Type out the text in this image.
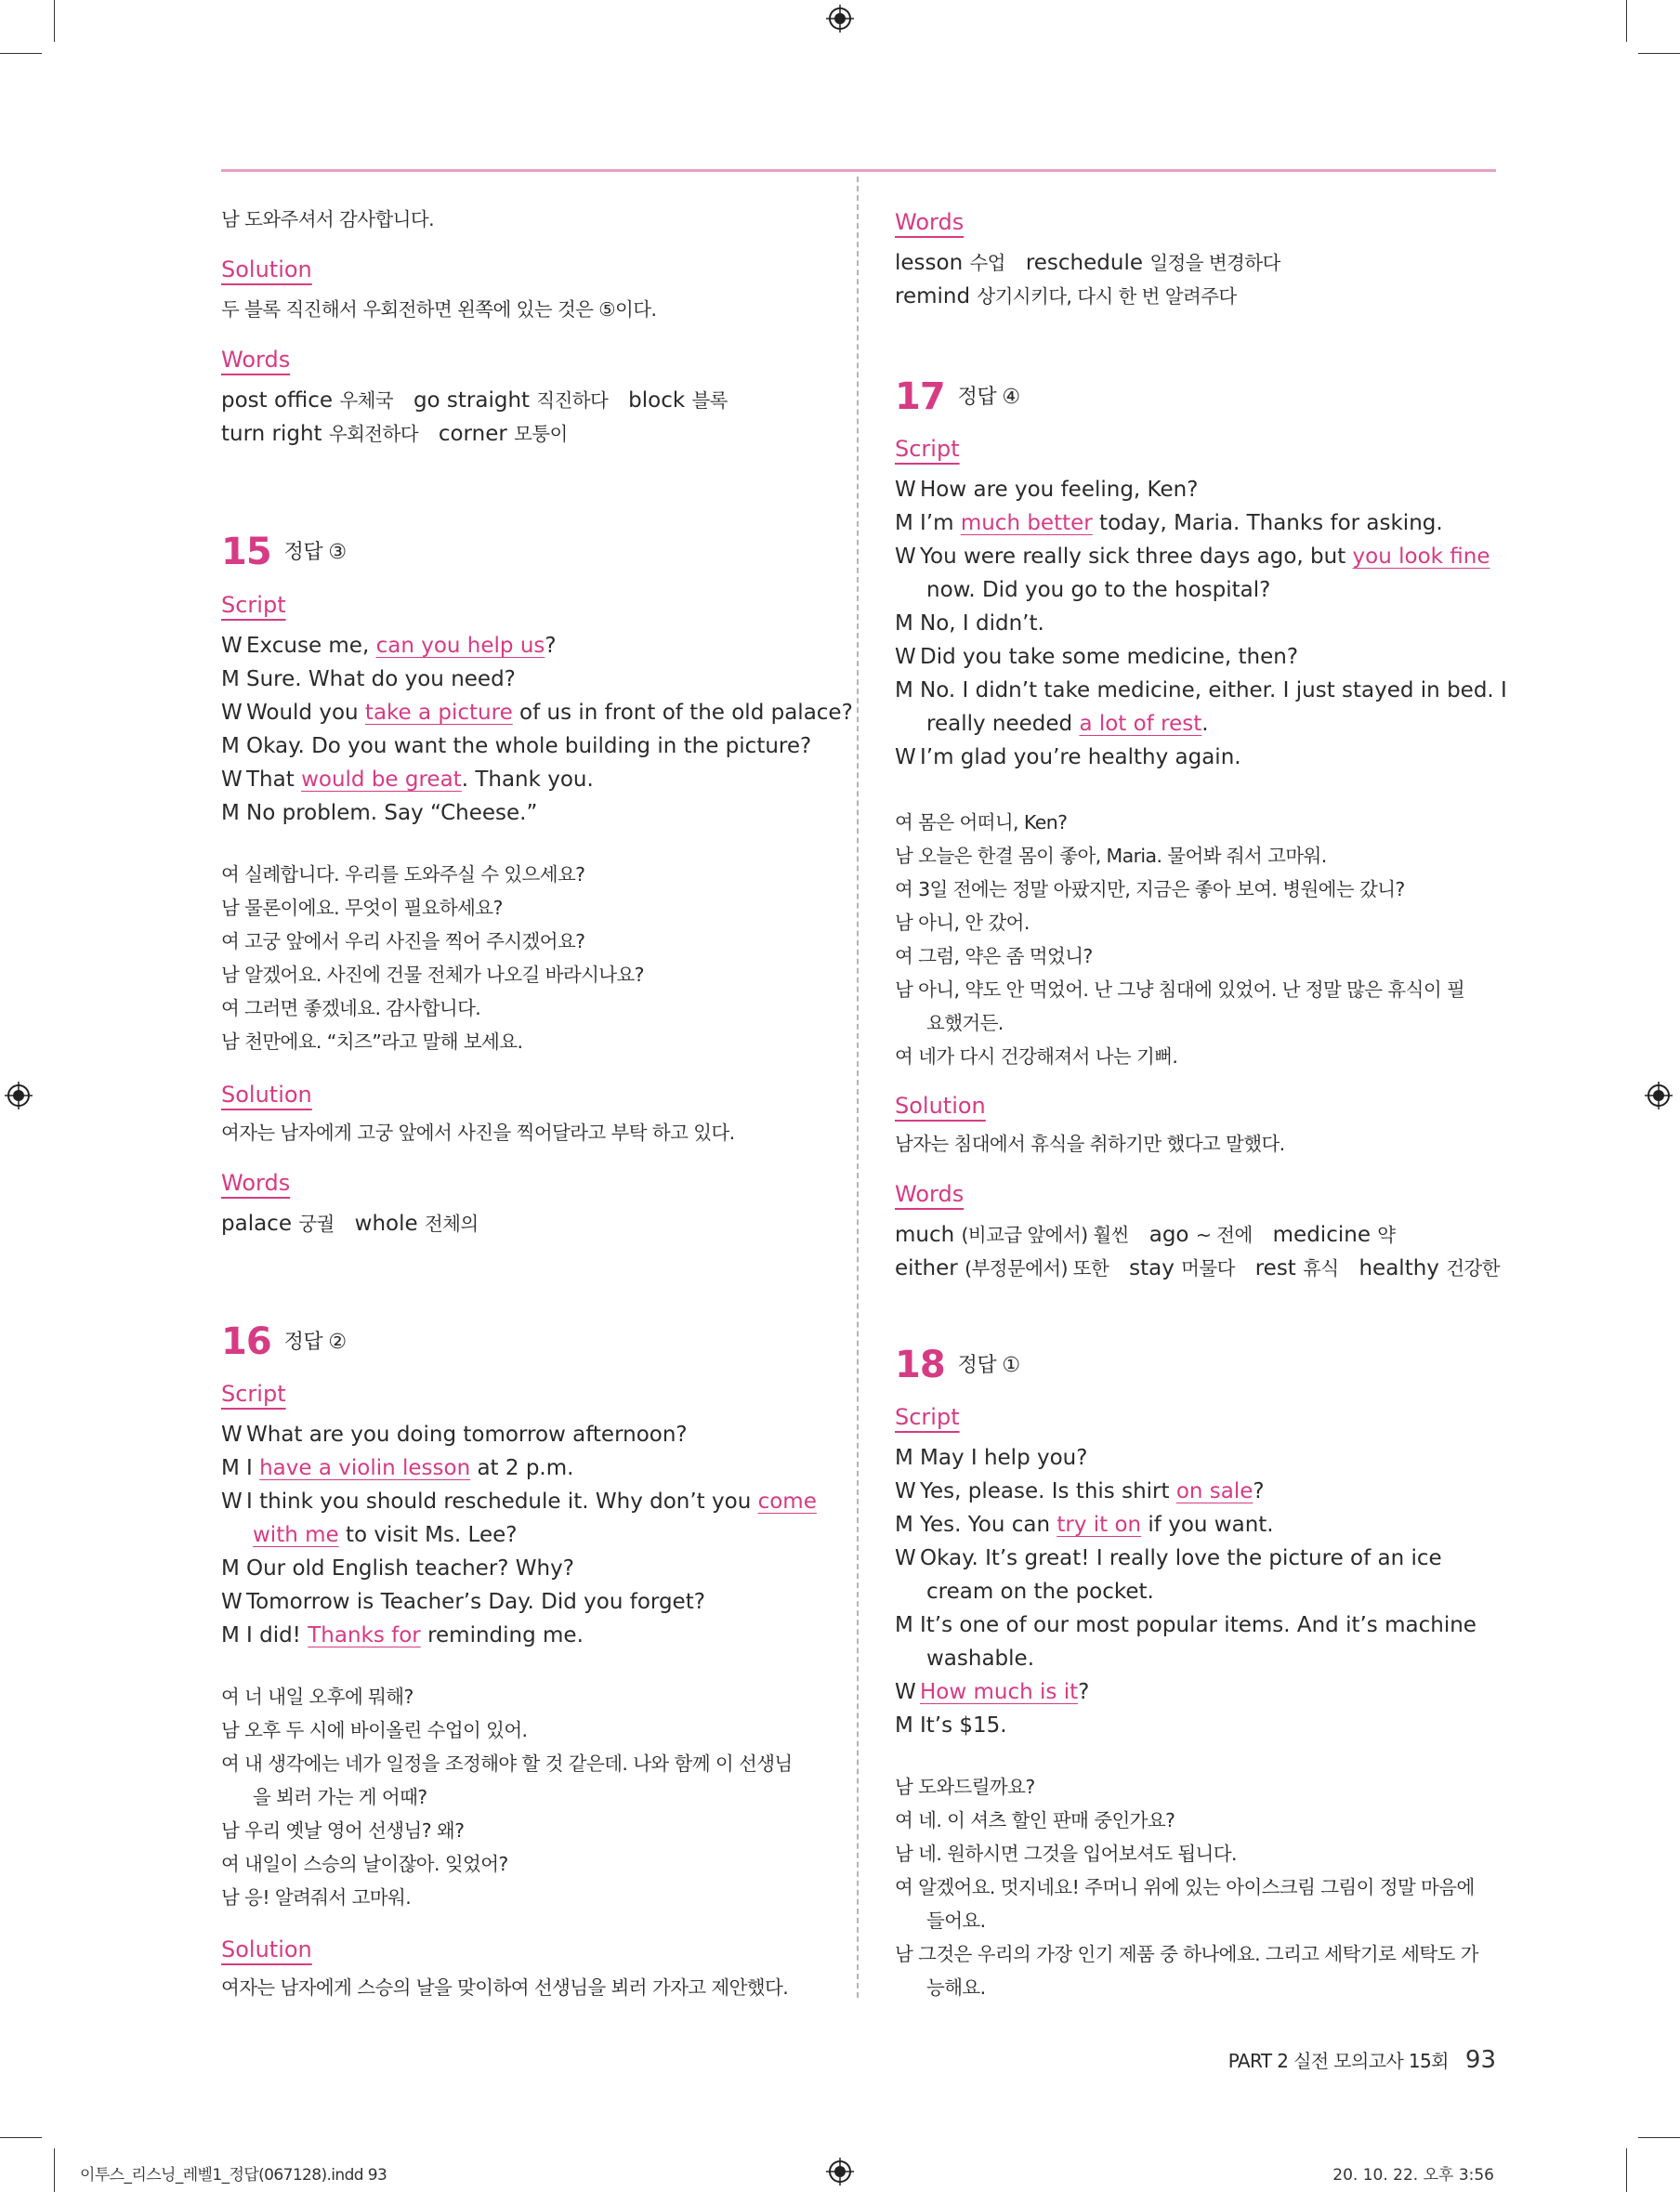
남 도와주셔서 감사합니다.
Solution
두 블록 직진해서 우회전하면 왼쪽에 있는 것은 ⑤이다.
Words
post office 우체국 go straight 직진하다 block 블록
turn right 우회전하다 corner 모퉁이
15 정답 ③
Script
W Excuse me, can you help us?
M Sure. What do you need?
W Would you take a picture of us in front of the old palace?
M Okay. Do you want the whole building in the picture?
W That would be great. Thank you.
M No problem. Say “Cheese.”
여 실례합니다. 우리를 도와주실 수 있으세요?
남 물론이에요. 무엇이 필요하세요?
여 고궁 앞에서 우리 사진을 찍어 주시겠어요?
남 알겠어요. 사진에 건물 전체가 나오길 바라시나요?
여 그러면 좋겠네요. 감사합니다.
남 천만에요. “치즈”라고 말해 보세요.
Solution
여자는 남자에게 고궁 앞에서 사진을 찍어달라고 부탁 하고 있다.
Words
palace 궁궐 whole 전체의
16 정답 ②
Script
W What are you doing tomorrow afternoon?
M I have a violin lesson at 2 p.m.
W I think you should reschedule it. Why don’t you come
with me to visit Ms. Lee?
M Our old English teacher? Why?
W Tomorrow is Teacher’s Day. Did you forget?
M I did! Thanks for reminding me.
여 너 내일 오후에 뭐해?
남 오후 두 시에 바이올린 수업이 있어.
여 내 생각에는 네가 일정을 조정해야 할 것 같은데. 나와 함께 이 선생님
을 뵈러 가는 게 어때?
남 우리 옛날 영어 선생님? 왜?
여 내일이 스승의 날이잖아. 잊었어?
남 응! 알려줘서 고마워.
Solution
여자는 남자에게 스승의 날을 맞이하여 선생님을 뵈러 가자고 제안했다.
Words
lesson 수업 reschedule 일정을 변경하다
remind 상기시키다, 다시 한 번 알려주다
17 정답 ④
Script
W How are you feeling, Ken?
M I’m much better today, Maria. Thanks for asking.
W You were really sick three days ago, but you look fine
now. Did you go to the hospital?
M No, I didn’t.
W Did you take some medicine, then?
M No. I didn’t take medicine, either. I just stayed in bed. I
really needed a lot of rest.
W I’m glad you’re healthy again.
여 몸은 어떠니, Ken?
남 오늘은 한결 몸이 좋아, Maria. 물어봐 줘서 고마워.
여 3일 전에는 정말 아팠지만, 지금은 좋아 보여. 병원에는 갔니?
남 아니, 안 갔어.
여 그럼, 약은 좀 먹었니?
남 아니, 약도 안 먹었어. 난 그냥 침대에 있었어. 난 정말 많은 휴식이 필
요했거든.
여 네가 다시 건강해져서 나는 기뻐.
Solution
남자는 침대에서 휴식을 취하기만 했다고 말했다.
Words
much (비교급 앞에서) 훨씬 ago ~ 전에 medicine 약
either (부정문에서) 또한 stay 머물다 rest 휴식 healthy 건강한
18 정답 ①
Script
M May I help you?
W Yes, please. Is this shirt on sale?
M Yes. You can try it on if you want.
W Okay. It’s great! I really love the picture of an ice
cream on the pocket.
M It’s one of our most popular items. And it’s machine
washable.
W How much is it?
M It’s $15.
남 도와드릴까요?
여 네. 이 셔츠 할인 판매 중인가요?
남 네. 원하시면 그것을 입어보셔도 됩니다.
여 알겠어요. 멋지네요! 주머니 위에 있는 아이스크림 그림이 정말 마음에
들어요.
남 그것은 우리의 가장 인기 제품 중 하나에요. 그리고 세탁기로 세탁도 가
능해요.
PART 2 실전 모의고사 15회 93
이투스_리스닝_레벨1_정답(067128).indd 93	20. 10. 22. 오후 3:56
